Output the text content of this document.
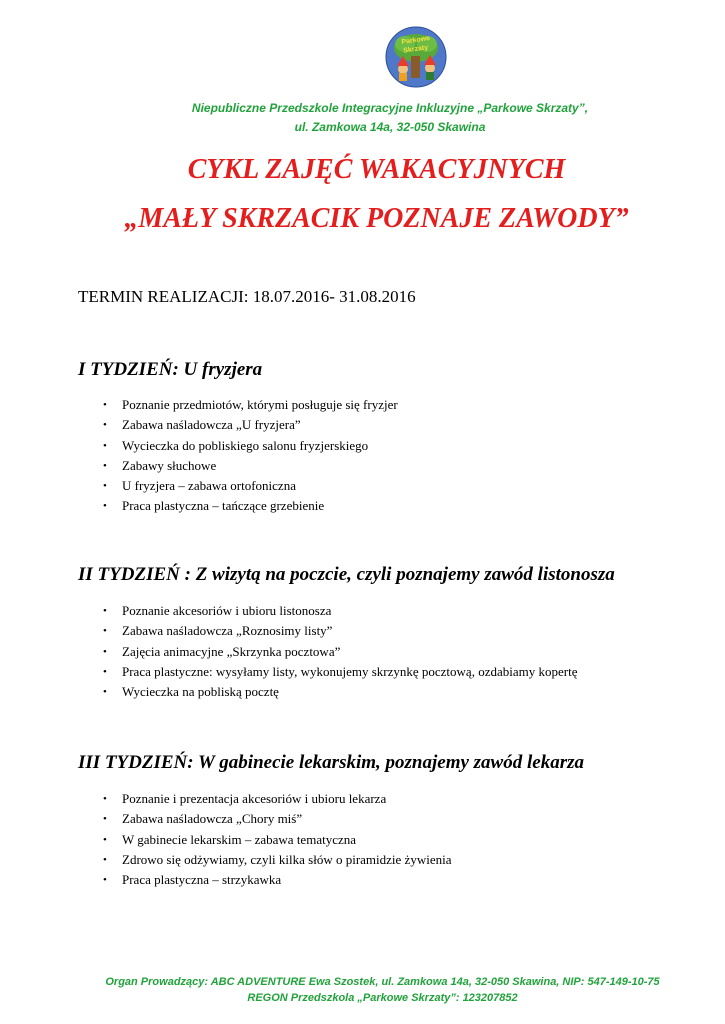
Parkowe
Skrzaty
Niepubliczne Przedszkole Integracyjne Inkluzyjne „Parkowe Skrzaty”,
ul. Zamkowa 14a, 32-050 Skawina
CYKL ZAJĘĆ WAKACYJNYCH
„MAŁY SKRZACIK POZNAJE ZAWODY”
TERMIN REALIZACJI: 18.07.2016- 31.08.2016
I TYDZIEŃ: U fryzjera
• Poznanie przedmiotów, którymi posługuje się fryzjer
• Zabawa naśladowcza „U fryzjera”
• Wycieczka do pobliskiego salonu fryzjerskiego
• Zabawy słuchowe
• U fryzjera – zabawa ortofoniczna
• Praca plastyczna – tańczące grzebienie
II TYDZIEŃ : Z wizytą na poczcie, czyli poznajemy zawód listonosza
• Poznanie akcesoriów i ubioru listonosza
• Zabawa naśladowcza „Roznosimy listy”
• Zajęcia animacyjne „Skrzynka pocztowa”
• Praca plastyczne: wysyłamy listy, wykonujemy skrzynkę pocztową, ozdabiamy kopertę
• Wycieczka na pobliską pocztę
III TYDZIEŃ: W gabinecie lekarskim, poznajemy zawód lekarza
• Poznanie i prezentacja akcesoriów i ubioru lekarza
• Zabawa naśladowcza „Chory miś”
• W gabinecie lekarskim – zabawa tematyczna
• Zdrowo się odżywiamy, czyli kilka słów o piramidzie żywienia
• Praca plastyczna – strzykawka
Organ Prowadzący: ABC ADVENTURE Ewa Szostek, ul. Zamkowa 14a, 32-050 Skawina, NIP: 547-149-10-75
REGON Przedszkola „Parkowe Skrzaty”: 123207852
